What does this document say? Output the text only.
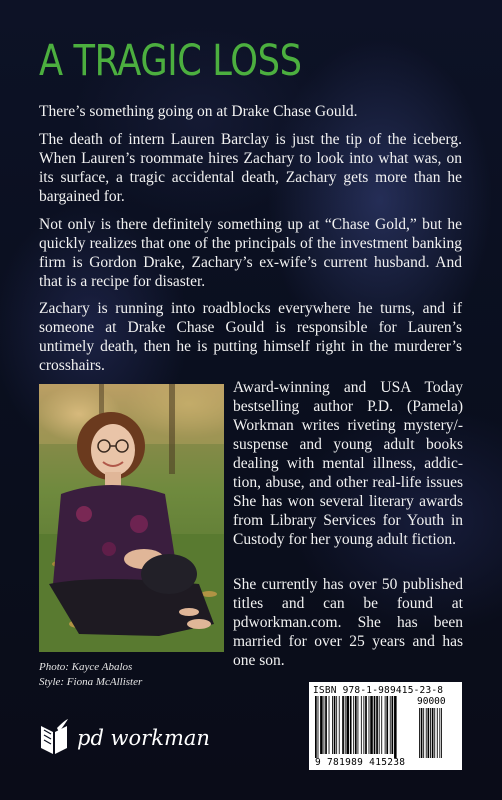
A TRAGIC LOSS

There’s something going on at Drake Chase Gould.

The death of intern Lauren Barclay is just the tip of the iceberg. When Lauren’s roommate hires Zachary to look into what was, on its surface, a tragic accidental death, Zachary gets more than he bargained for.

Not only is there definitely something up at “Chase Gold,” but he quickly realizes that one of the principals of the investment banking firm is Gordon Drake, Zachary’s ex-wife’s current husband. And that is a recipe for disaster.

Zachary is running into roadblocks everywhere he turns, and if someone at Drake Chase Gould is responsible for Lauren’s untimely death, then he is putting himself right in the murderer’s crosshairs.

Photo: Kayce Abalos

Style: Fiona McAllister

Award-winning and USA Today bestselling author P.D. (Pamela) Workman writes riveting mystery/-suspense and young adult books dealing with mental illness, addic-tion, abuse, and other real-life issues She has won several literary awards from Library Services for Youth in Custody for her young adult fiction.

She currently has over 50 published titles and can be found at pdworkman.com. She has been married for over 25 years and has one son.

pd workman
ISBN 978-1-989415-23-8
90000
9 781989 415238
